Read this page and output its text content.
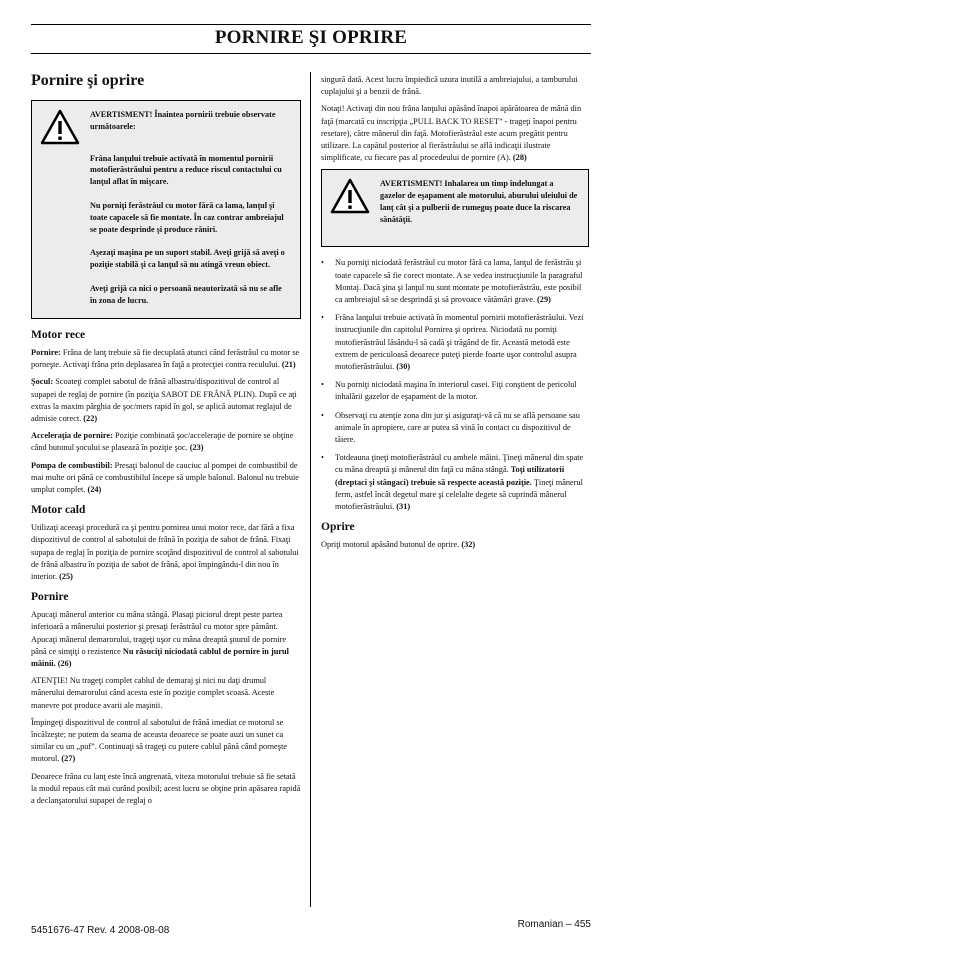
PORNIRE ŞI OPRIRE
Pornire şi oprire

AVERTISMENT! Înaintea pornirii trebuie observate următoarele:

Frâna lanţului trebuie activată în momentul pornirii motofierăstrăului pentru a reduce riscul contactului cu lanţul aflat în mişcare.

Nu porniţi ferăstrăul cu motor fără ca lama, lanţul şi toate capacele să fie montate. În caz contrar ambreiajul se poate desprinde şi produce răniri.

Aşezaţi maşina pe un suport stabil. Aveţi grijă să aveţi o poziţie stabilă şi ca lanţul să nu atingă vreun obiect.

Aveţi grijă ca nici o persoană neautorizată să nu se afle în zona de lucru.

Motor rece

Pornire: Frâna de lanţ trebuie să fie decuplată atunci când ferăstrăul cu motor se porneşte. Activaţi frâna prin deplasarea în faţă a protecţiei contra reculului. (21)

Şocul: Scoateţi complet sabotul de frână albastru/dispozitivul de control al supapei de reglaj de pornire (în poziţia SABOT DE FRÂNĂ PLIN). După ce aţi extras la maxim pârghia de şoc/mers rapid în gol, se aplică automat reglajul de admisie corect. (22)

Acceleraţia de pornire: Poziţie combinată şoc/acceleraţie de pornire se obţine când butonul şocului se plasează în poziţie şoc. (23)

Pompa de combustibil: Presaţi balonul de cauciuc al pompei de combustibil de mai multe ori până ce combustibilul începe să umple balonul. Balonul nu trebuie umplut complet. (24)

Motor cald

Utilizaţi aceeaşi procedură ca şi pentru pornirea unui motor rece, dar fără a fixa dispozitivul de control al sabotului de frână în poziţia de sabot de frână. Fixaţi supapa de reglaj în poziţia de pornire scoţând dispozitivul de control al sabotului de frână albastru în poziţia de sabot de frână, apoi împingându-l din nou în interior. (25)

Pornire

Apucaţi mânerul anterior cu mâna stângă. Plasaţi piciorul drept peste partea inferioară a mânerului posterior şi presaţi ferăstrăul cu motor spre pământ. Apucaţi mânerul demarorului, trageţi uşor cu mâna dreaptă şnurul de pornire până ce simţiţi o rezistence Nu răsuciţi niciodată cablul de pornire în jurul mâinii. (26)

ATENŢIE! Nu trageţi complet cablul de demaraj şi nici nu daţi drumul mânerului demarorului când acesta este în poziţie complet scoasă. Aceste manevre pot produce avarii ale maşinii.

Împingeţi dispozitivul de control al sabotului de frână imediat ce motorul se încălzeşte; ne putem da seama de aceasta deoarece se poate auzi un sunet ca similar cu un „puf”. Continuaţi să trageţi cu putere cablul până când porneşte motorul. (27)

Deoarece frâna cu lanţ este încă angrenată, viteza motorului trebuie să fie setată la modul repaus cât mai curând posibil; acest lucru se obţine prin apăsarea rapidă a declanşatorului supapei de reglaj o

singură dată. Acest lucru împiedică uzura inutilă a ambreiajului, a tamburului cuplajului şi a benzii de frână.

Notaţi! Activaţi din nou frâna lanţului apăsând înapoi apărătoarea de mână din faţă (marcată cu inscripţia „PULL BACK TO RESET” - trageţi înapoi pentru resetare), către mânerul din faţă. Motofierăstrăul este acum pregătit pentru utilizare. La capătul posterior al fierăstrăului se află indicaţii ilustrate simplificate, cu fiecare pas al procedeului de pornire (A). (28)

AVERTISMENT! Inhalarea un timp îndelungat a gazelor de eşapament ale motorului, aburului uleiului de lanţ cât şi a pulberii de rumeguş poate duce la riscarea sănătăţii.

• Nu porniţi niciodată ferăstrăul cu motor fără ca lama, lanţul de ferăstrău şi toate capacele să fie corect montate. A se vedea instrucţiunile la paragraful Montaj. Dacă şina şi lanţul nu sunt montate pe motofierăstrău, este posibil ca ambreiajul să se desprindă şi să provoace vătămări grave. (29)
• Frâna lanţului trebuie activată în momentul pornirii motofierăstrăului. Vezi instrucţiunile din capitolul Pornirea şi oprirea. Niciodată nu porniţi motofierăstrăul lăsându-l să cadă şi trăgând de fir. Această metodă este extrem de periculoasă deoarece puteţi pierde foarte uşor controlul asupra motofierăstrăului. (30)
• Nu porniţi niciodată maşina în interiorul casei. Fiţi conştient de pericolul inhalării gazelor de eşapament de la motor.
• Observaţi cu atenţie zona din jur şi asiguraţi-vă că nu se află persoane sau animale în apropiere, care ar putea să vină în contact cu dispozitivul de tăiere.
• Totdeauna ţineţi motofierăstrăul cu ambele mâini. Ţineţi mânerul din spate cu mâna dreaptă şi mânerul din faţă cu mâna stângă. Toţi utilizatorii (dreptaci şi stângaci) trebuie să respecte această poziţie. Ţineţi mânerul ferm, astfel încât degetul mare şi celelalte degete să cuprindă mânerul motofierăstrăului. (31)
Oprire

Opriţi motorul apăsând butonul de oprire. (32)

5451676-47 Rev. 4 2008-08-08
Romanian – 455
